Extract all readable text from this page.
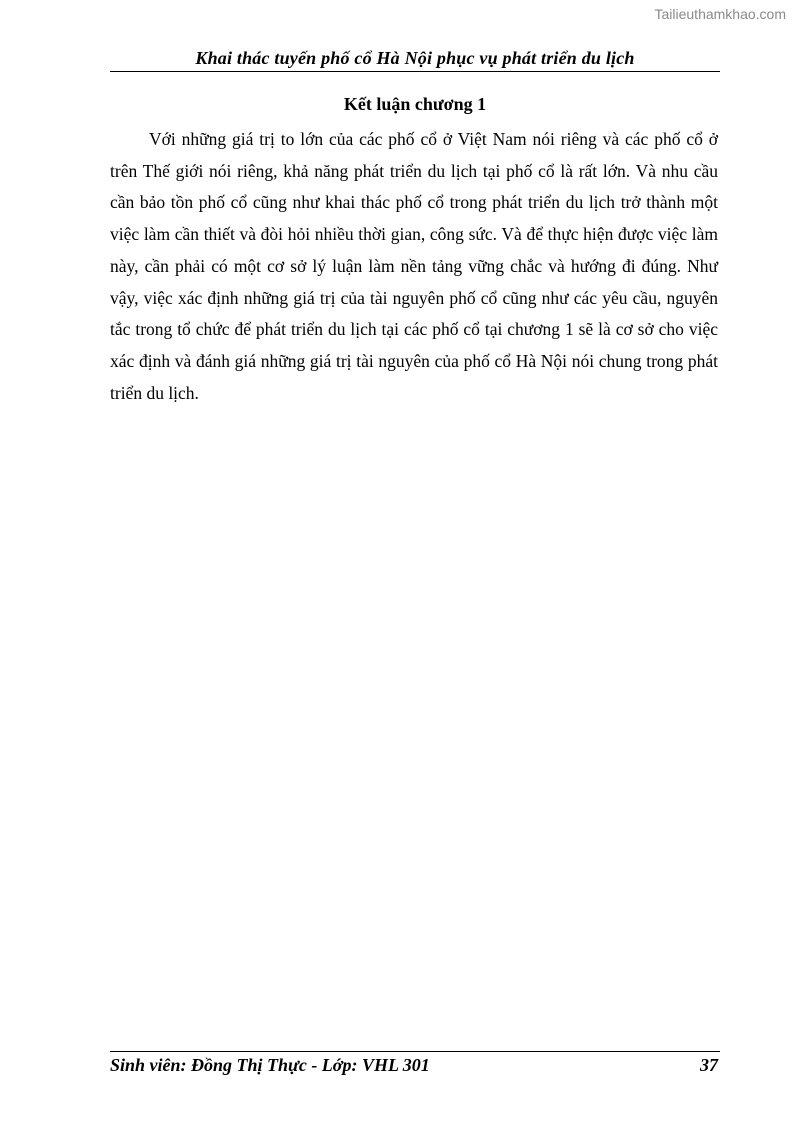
Tailieuthamkhao.com
Khai thác tuyến phố cổ Hà Nội phục vụ phát triển du lịch
Kết luận chương 1

Với những giá trị to lớn của các phố cổ ở Việt Nam nói riêng và các phố cổ ở trên Thế giới nói riêng, khả năng phát triển du lịch tại phố cổ là rất lớn. Và nhu cầu cần bảo tồn phố cổ cũng như khai thác phố cổ trong phát triển du lịch trở thành một việc làm cần thiết và đòi hỏi nhiều thời gian, công sức. Và để thực hiện được việc làm này, cần phải có một cơ sở lý luận làm nền tảng vững chắc và hướng đi đúng. Như vậy, việc xác định những giá trị của tài nguyên phố cổ cũng như các yêu cầu, nguyên tắc trong tổ chức để phát triển du lịch tại các phố cổ tại chương 1 sẽ là cơ sở cho việc xác định và đánh giá những giá trị tài nguyên của phố cổ Hà Nội nói chung trong phát triển du lịch.

Sinh viên: Đồng Thị Thực - Lớp: VHL 301	37
